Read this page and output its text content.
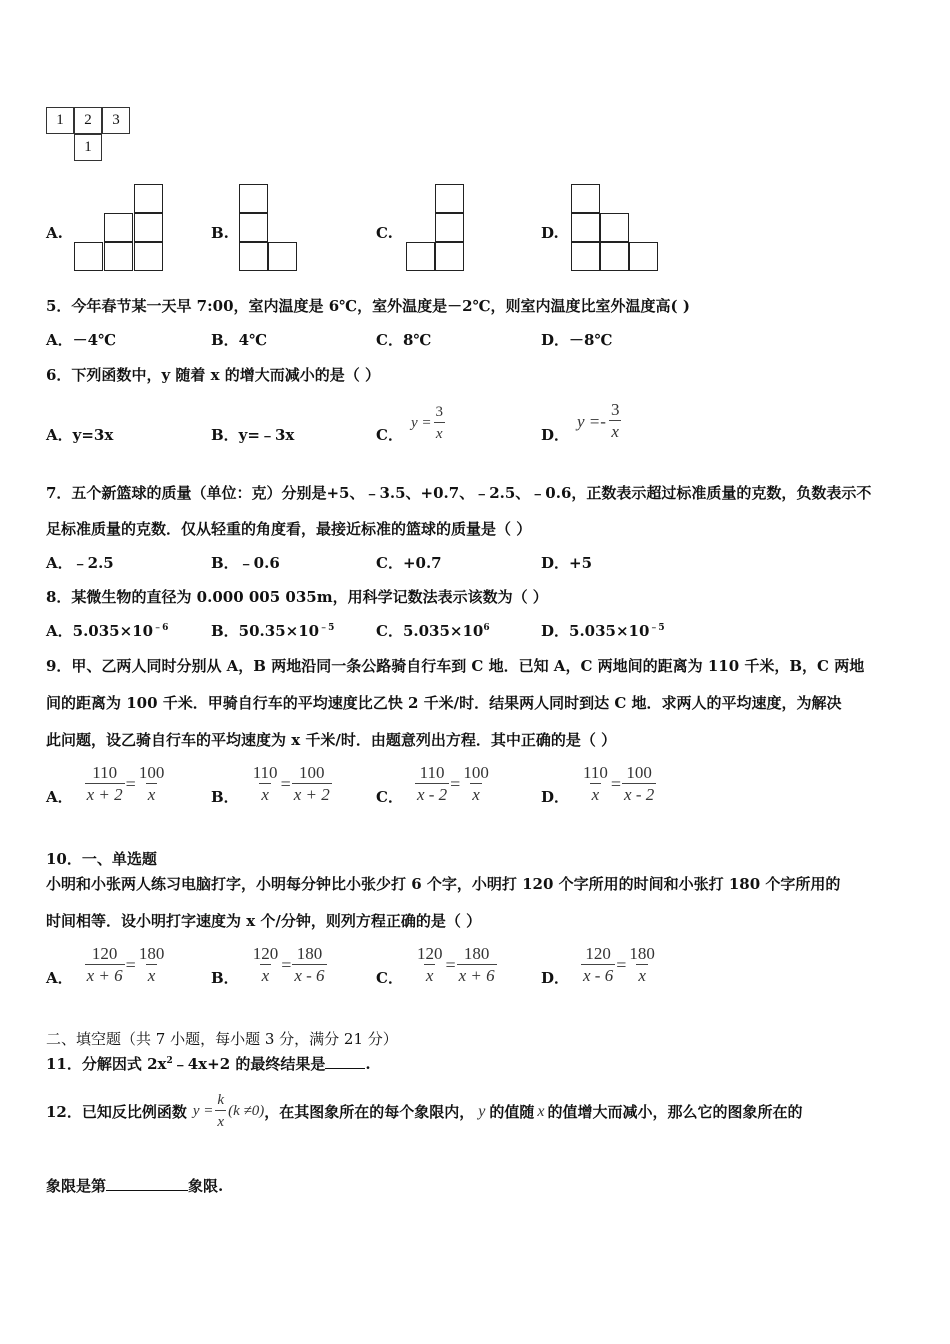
1	2	3
1
A.	B.	C.	D.
5．今年春节某一天早 7:00，室内温度是 6℃，室外温度是－2℃，则室内温度比室外温度高( )
A．－4℃	B．4℃	C．8℃	D．－8℃
6．下列函数中，y 随着 x 的增大而减小的是（ ）
A．y=3x	B．y=﹣3x	C．
$y = \frac{3}{x}$	D．
$y =- \frac{3}{x}$
7．五个新篮球的质量（单位：克）分别是+5、﹣3.5、+0.7、﹣2.5、﹣0.6，正数表示超过标准质量的克数，负数表示不
足标准质量的克数．仅从轻重的角度看，最接近标准的篮球的质量是（ ）
A．﹣2.5	B．﹣0.6	C．+0.7	D．+5
8．某微生物的直径为 0.000 005 035m，用科学记数法表示该数为（ ）
A．$5.035\times 10^{﹣6}$	B．$50.35\times 10^{﹣5}$	C．$5.035\times 10^6$	D．$5.035\times 10^{﹣5}$
9．甲、乙两人同时分别从 A，B 两地沿同一条公路骑自行车到 C 地．已知 A，C 两地间的距离为 110 千米，B，C 两地
间的距离为 100 千米．甲骑自行车的平均速度比乙快 2 千米/时．结果两人同时到达 C 地．求两人的平均速度，为解决
此问题，设乙骑自行车的平均速度为 x 千米/时．由题意列出方程．其中正确的是（ ）
A． $\frac{110}{x + 2} = \frac{100}{x}$	B． $\frac{110}{x} = \frac{100}{x + 2}$	C． $\frac{110}{x - 2} = \frac{100}{x}$	D． $\frac{110}{x} = \frac{100}{x - 2}$
10．一、单选题
小明和小张两人练习电脑打字，小明每分钟比小张少打 6 个字，小明打 120 个字所用的时间和小张打 180 个字所用的
时间相等．设小明打字速度为 x 个/分钟，则列方程正确的是（ ）
A． $\frac{120}{x + 6} = \frac{180}{x}$	B． $\frac{120}{x} = \frac{180}{x - 6}$	C． $\frac{120}{x} = \frac{180}{x + 6}$	D． $\frac{120}{x - 6} = \frac{180}{x}$
二、填空题（共 7 小题，每小题 3 分，满分 21 分）
11．分解因式 $2x^2﹣4x+2$ 的最终结果是	.
12．已知反比例函数 $y = \frac{k}{x} (k \ne 0)$ ，在其图象所在的每个象限内， y 的值随 x 的值增大而减小，那么它的图象所在的
象限是第	象限.
